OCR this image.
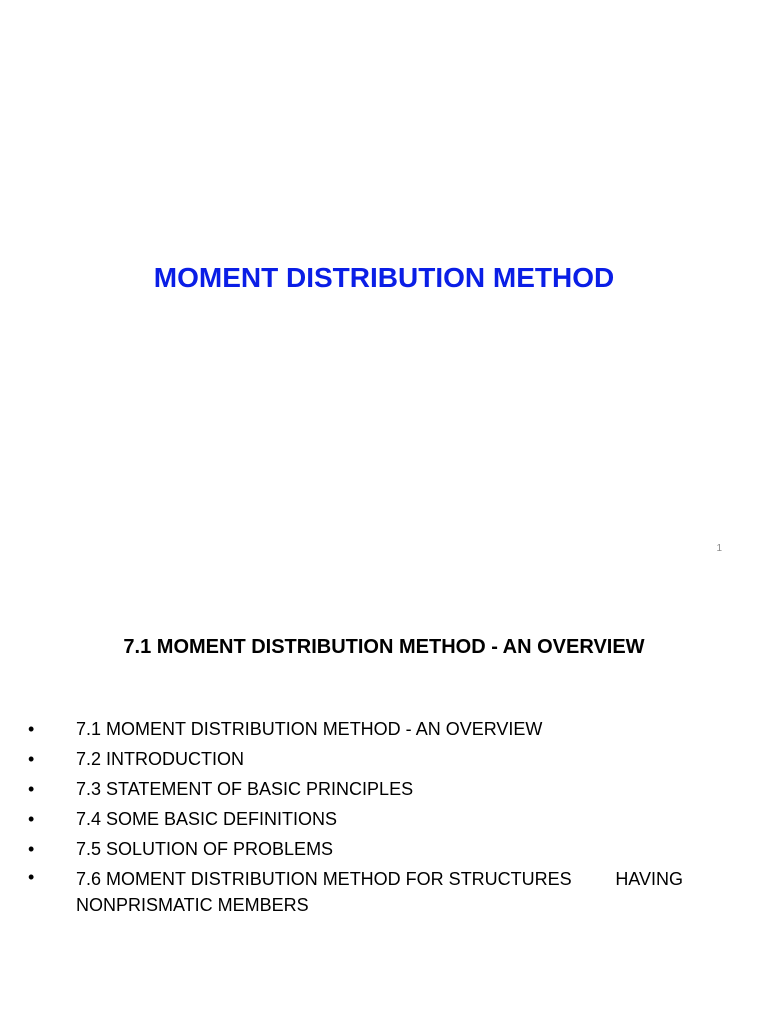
MOMENT DISTRIBUTION METHOD
1
7.1 MOMENT DISTRIBUTION METHOD - AN OVERVIEW
•	7.1 MOMENT DISTRIBUTION METHOD - AN OVERVIEW
•	7.2 INTRODUCTION
•	7.3 STATEMENT OF BASIC PRINCIPLES
•	7.4 SOME BASIC DEFINITIONS
•	7.5 SOLUTION OF PROBLEMS
•	7.6 MOMENT DISTRIBUTION METHOD FOR STRUCTURES HAVING
NONPRISMATIC MEMBERS
